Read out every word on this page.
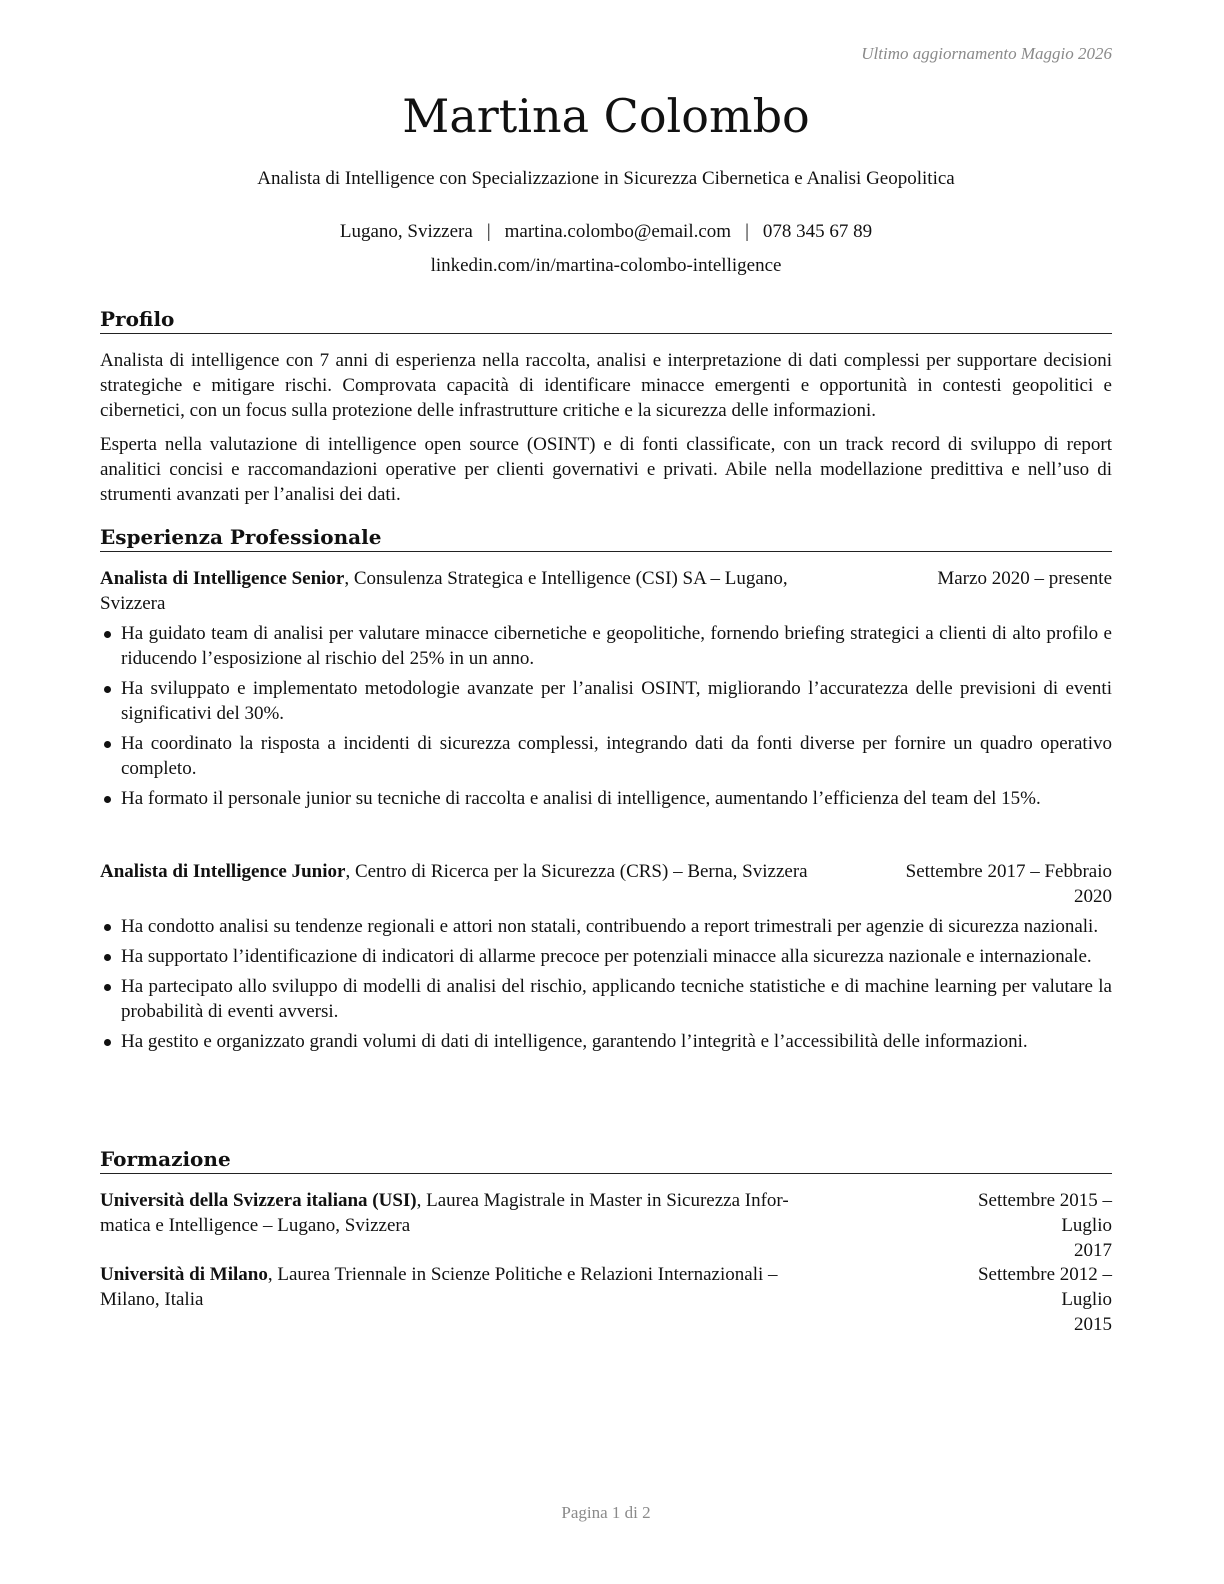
Ultimo aggiornamento Maggio 2026
Martina Colombo
Analista di Intelligence con Specializzazione in Sicurezza Cibernetica e Analisi Geopolitica
Lugano, Svizzera | martina.colombo@email.com | 078 345 67 89
linkedin.com/in/martina-colombo-intelligence
Profilo

Analista di intelligence con 7 anni di esperienza nella raccolta, analisi e interpretazione di dati complessi per supportare decisioni strategiche e mitigare rischi. Comprovata capacità di identificare minacce emergenti e opportunità in contesti geopolitici e cibernetici, con un focus sulla protezione delle infrastrutture critiche e la sicurezza delle informazioni.

Esperta nella valutazione di intelligence open source (OSINT) e di fonti classificate, con un track record di sviluppo di report analitici concisi e raccomandazioni operative per clienti governativi e privati. Abile nella modellazione predittiva e nell’uso di strumenti avanzati per l’analisi dei dati.

Esperienza Professionale
Analista di Intelligence Senior, Consulenza Strategica e Intelligence (CSI) SA – Lugano,
Svizzera
Marzo 2020 – presente
Ha guidato team di analisi per valutare minacce cibernetiche e geopolitiche, fornendo briefing strategici a clienti di alto profilo e riducendo l’esposizione al rischio del 25% in un anno.
Ha sviluppato e implementato metodologie avanzate per l’analisi OSINT, migliorando l’accuratezza delle previsioni di eventi significativi del 30%.
Ha coordinato la risposta a incidenti di sicurezza complessi, integrando dati da fonti diverse per fornire un quadro operativo completo.
Ha formato il personale junior su tecniche di raccolta e analisi di intelligence, aumentando l’efficienza del team del 15%.
Analista di Intelligence Junior, Centro di Ricerca per la Sicurezza (CRS) – Berna, Svizzera	Settembre 2017 – Febbraio
2020
Ha condotto analisi su tendenze regionali e attori non statali, contribuendo a report trimestrali per agenzie di sicurezza nazionali.
Ha supportato l’identificazione di indicatori di allarme precoce per potenziali minacce alla sicurezza nazionale e internazionale.
Ha partecipato allo sviluppo di modelli di analisi del rischio, applicando tecniche statistiche e di machine learning per valutare la probabilità di eventi avversi.
Ha gestito e organizzato grandi volumi di dati di intelligence, garantendo l’integrità e l’accessibilità delle informazioni.
Formazione
Università della Svizzera italiana (USI), Laurea Magistrale in Master in Sicurezza Infor-
matica e Intelligence – Lugano, Svizzera
Settembre 2015 – Luglio
2017
Università di Milano, Laurea Triennale in Scienze Politiche e Relazioni Internazionali –
Milano, Italia
Settembre 2012 – Luglio
2015
Pagina 1 di 2
